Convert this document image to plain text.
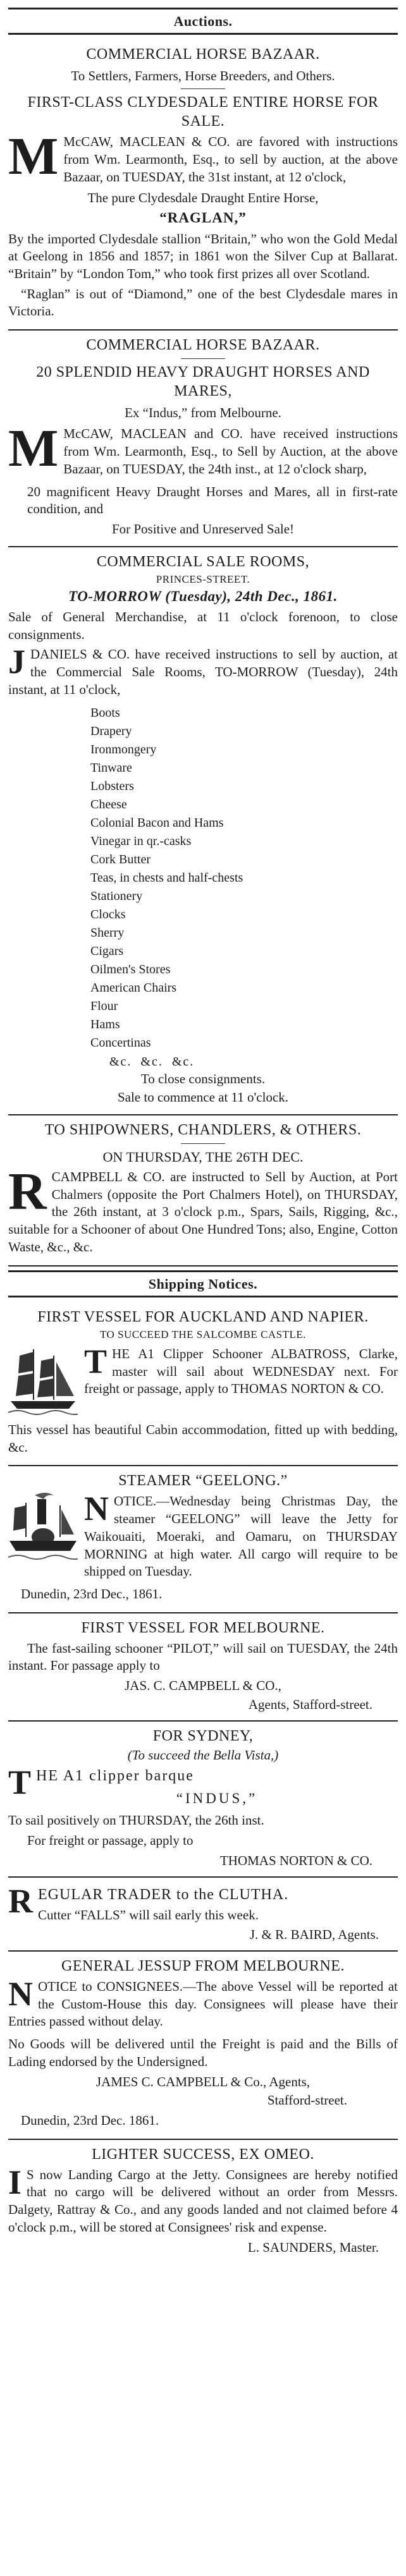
Auctions.
COMMERCIAL HORSE BAZAAR.
To Settlers, Farmers, Horse Breeders, and Others.
FIRST-CLASS CLYDESDALE ENTIRE HORSE FOR SALE.
M McCAW, MACLEAN & CO. are favored with instructions from Wm. Learmonth, Esq., to sell by auction, at the above Bazaar, on TUESDAY, the 31st instant, at 12 o'clock,
The pure Clydesdale Draught Entire Horse,
“RAGLAN,”
By the imported Clydesdale stallion “Britain,” who won the Gold Medal at Geelong in 1856 and 1857; in 1861 won the Silver Cup at Ballarat. “Britain” by “London Tom,” who took first prizes all over Scotland.
“Raglan” is out of “Diamond,” one of the best Clydesdale mares in Victoria.
COMMERCIAL HORSE BAZAAR.
20 SPLENDID HEAVY DRAUGHT HORSES AND MARES,
Ex “Indus,” from Melbourne.
M McCAW, MACLEAN and CO. have received instructions from Wm. Learmonth, Esq., to Sell by Auction, at the above Bazaar, on TUESDAY, the 24th inst., at 12 o'clock sharp,
20 magnificent Heavy Draught Horses and Mares, all in first-rate condition, and
For Positive and Unreserved Sale!
COMMERCIAL SALE ROOMS,
PRINCES-STREET.
TO-MORROW (Tuesday), 24th Dec., 1861.
Sale of General Merchandise, at 11 o'clock forenoon, to close consignments.
J DANIELS & CO. have received instructions to sell by auction, at the Commercial Sale Rooms, TO-MORROW (Tuesday), 24th instant, at 11 o'clock,
Boots
Drapery
Ironmongery
Tinware
Lobsters
Cheese
Colonial Bacon and Hams
Vinegar in qr.-casks
Cork Butter
Teas, in chests and half-chests
Stationery
Clocks
Sherry
Cigars
Oilmen's Stores
American Chairs
Flour
Hams
Concertinas
&c.  &c.  &c.
To close consignments.
Sale to commence at 11 o'clock.
TO SHIPOWNERS, CHANDLERS, & OTHERS.
ON THURSDAY, THE 26TH DEC.
R CAMPBELL & CO. are instructed to Sell by Auction, at Port Chalmers (opposite the Port Chalmers Hotel), on THURSDAY, the 26th instant, at 3 o'clock p.m., Spars, Sails, Rigging, &c., suitable for a Schooner of about One Hundred Tons; also, Engine, Cotton Waste, &c., &c.
Shipping Notices.
FIRST VESSEL FOR AUCKLAND AND NAPIER.
TO SUCCEED THE SALCOMBE CASTLE.
T HE A1 Clipper Schooner ALBATROSS, Clarke, master will sail about WEDNESDAY next. For freight or passage, apply to THOMAS NORTON & CO.
This vessel has beautiful Cabin accommodation, fitted up with bedding, &c.
STEAMER “GEELONG.”
N OTICE.—Wednesday being Christmas Day, the steamer “GEELONG” will leave the Jetty for Waikouaiti, Moeraki, and Oamaru, on THURSDAY MORNING at high water. All cargo will require to be shipped on Tuesday.
Dunedin, 23rd Dec., 1861.
FIRST VESSEL FOR MELBOURNE.
The fast-sailing schooner “PILOT,” will sail on TUESDAY, the 24th instant. For passage apply to
JAS. C. CAMPBELL & CO.,
Agents, Stafford-street.
FOR SYDNEY,
(To succeed the Bella Vista,)
T HE A1 clipper barque
“INDUS,”
To sail positively on THURSDAY, the 26th inst.
For freight or passage, apply to
THOMAS NORTON & CO.
R EGULAR TRADER to the CLUTHA.
Cutter “FALLS” will sail early this week.
J. & R. BAIRD, Agents.
GENERAL JESSUP FROM MELBOURNE.
N OTICE to CONSIGNEES.—The above Vessel will be reported at the Custom-House this day. Consignees will please have their Entries passed without delay.
No Goods will be delivered until the Freight is paid and the Bills of Lading endorsed by the Undersigned.
JAMES C. CAMPBELL & Co., Agents,
Stafford-street.
Dunedin, 23rd Dec. 1861.
LIGHTER SUCCESS, EX OMEO.
I S now Landing Cargo at the Jetty. Consignees are hereby notified that no cargo will be delivered without an order from Messrs. Dalgety, Rattray & Co., and any goods landed and not claimed before 4 o'clock p.m., will be stored at Consignees' risk and expense.
L. SAUNDERS, Master.
